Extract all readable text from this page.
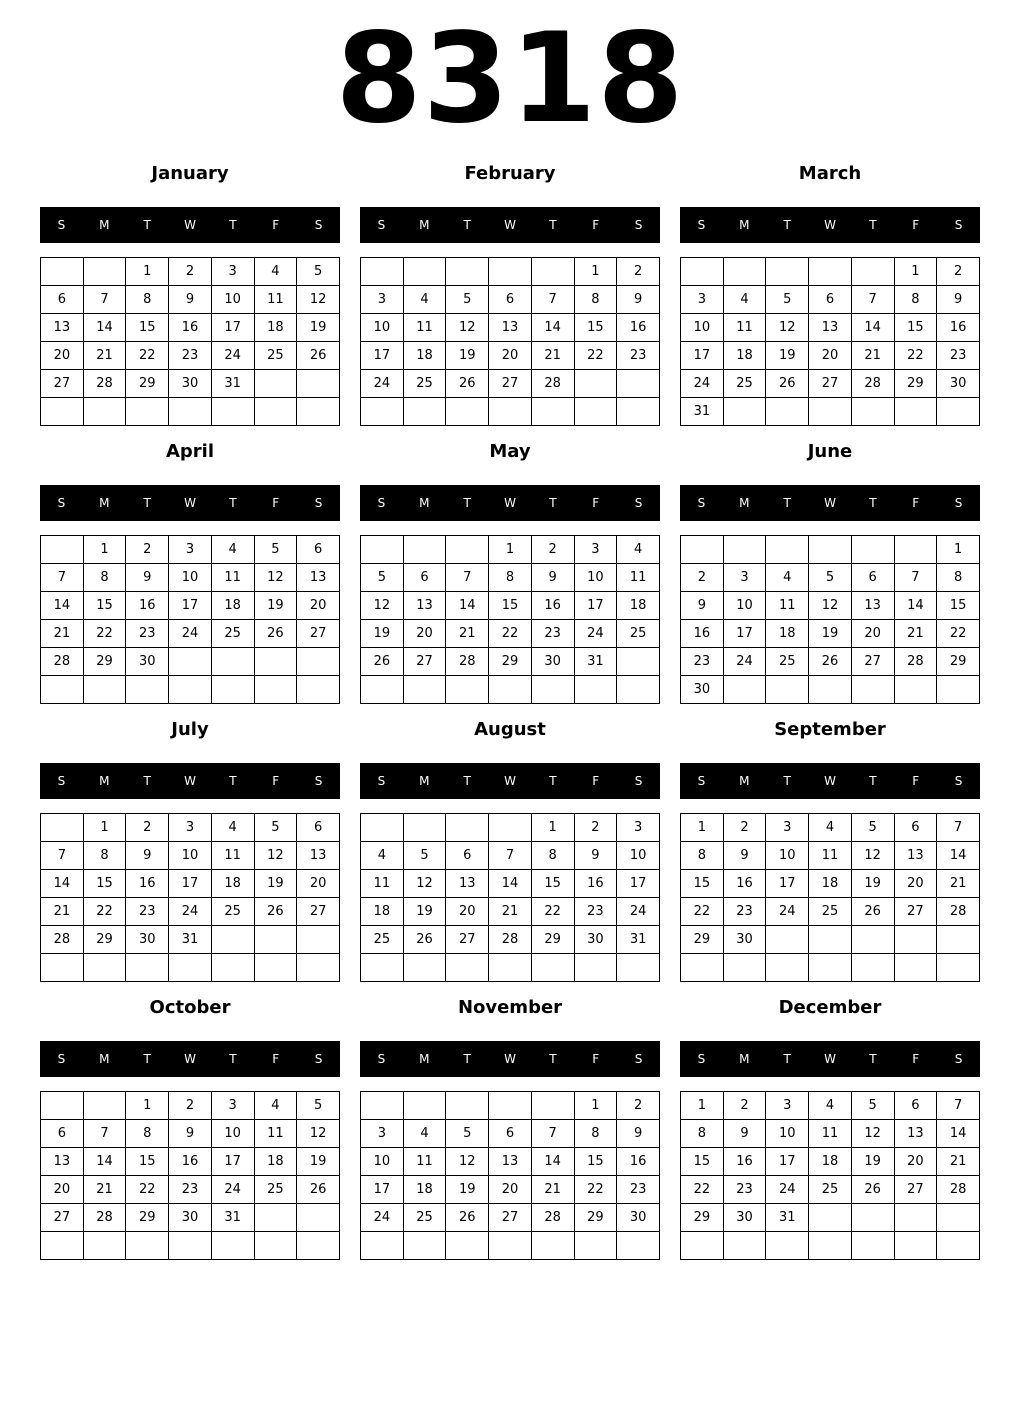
8318
January
S	M	T	W	T	F	S
		1	2	3	4	5
6	7	8	9	10	11	12
13	14	15	16	17	18	19
20	21	22	23	24	25	26
27	28	29	30	31		

February
S	M	T	W	T	F	S
					1	2
3	4	5	6	7	8	9
10	11	12	13	14	15	16
17	18	19	20	21	22	23
24	25	26	27	28		

March
S	M	T	W	T	F	S
					1	2
3	4	5	6	7	8	9
10	11	12	13	14	15	16
17	18	19	20	21	22	23
24	25	26	27	28	29	30
31						
April
S	M	T	W	T	F	S
	1	2	3	4	5	6
7	8	9	10	11	12	13
14	15	16	17	18	19	20
21	22	23	24	25	26	27
28	29	30				

May
S	M	T	W	T	F	S
			1	2	3	4
5	6	7	8	9	10	11
12	13	14	15	16	17	18
19	20	21	22	23	24	25
26	27	28	29	30	31	

June
S	M	T	W	T	F	S
						1
2	3	4	5	6	7	8
9	10	11	12	13	14	15
16	17	18	19	20	21	22
23	24	25	26	27	28	29
30						
July
S	M	T	W	T	F	S
	1	2	3	4	5	6
7	8	9	10	11	12	13
14	15	16	17	18	19	20
21	22	23	24	25	26	27
28	29	30	31			

August
S	M	T	W	T	F	S
				1	2	3
4	5	6	7	8	9	10
11	12	13	14	15	16	17
18	19	20	21	22	23	24
25	26	27	28	29	30	31

September
S	M	T	W	T	F	S
1	2	3	4	5	6	7
8	9	10	11	12	13	14
15	16	17	18	19	20	21
22	23	24	25	26	27	28
29	30					

October
S	M	T	W	T	F	S
		1	2	3	4	5
6	7	8	9	10	11	12
13	14	15	16	17	18	19
20	21	22	23	24	25	26
27	28	29	30	31		

November
S	M	T	W	T	F	S
					1	2
3	4	5	6	7	8	9
10	11	12	13	14	15	16
17	18	19	20	21	22	23
24	25	26	27	28	29	30

December
S	M	T	W	T	F	S
1	2	3	4	5	6	7
8	9	10	11	12	13	14
15	16	17	18	19	20	21
22	23	24	25	26	27	28
29	30	31				
